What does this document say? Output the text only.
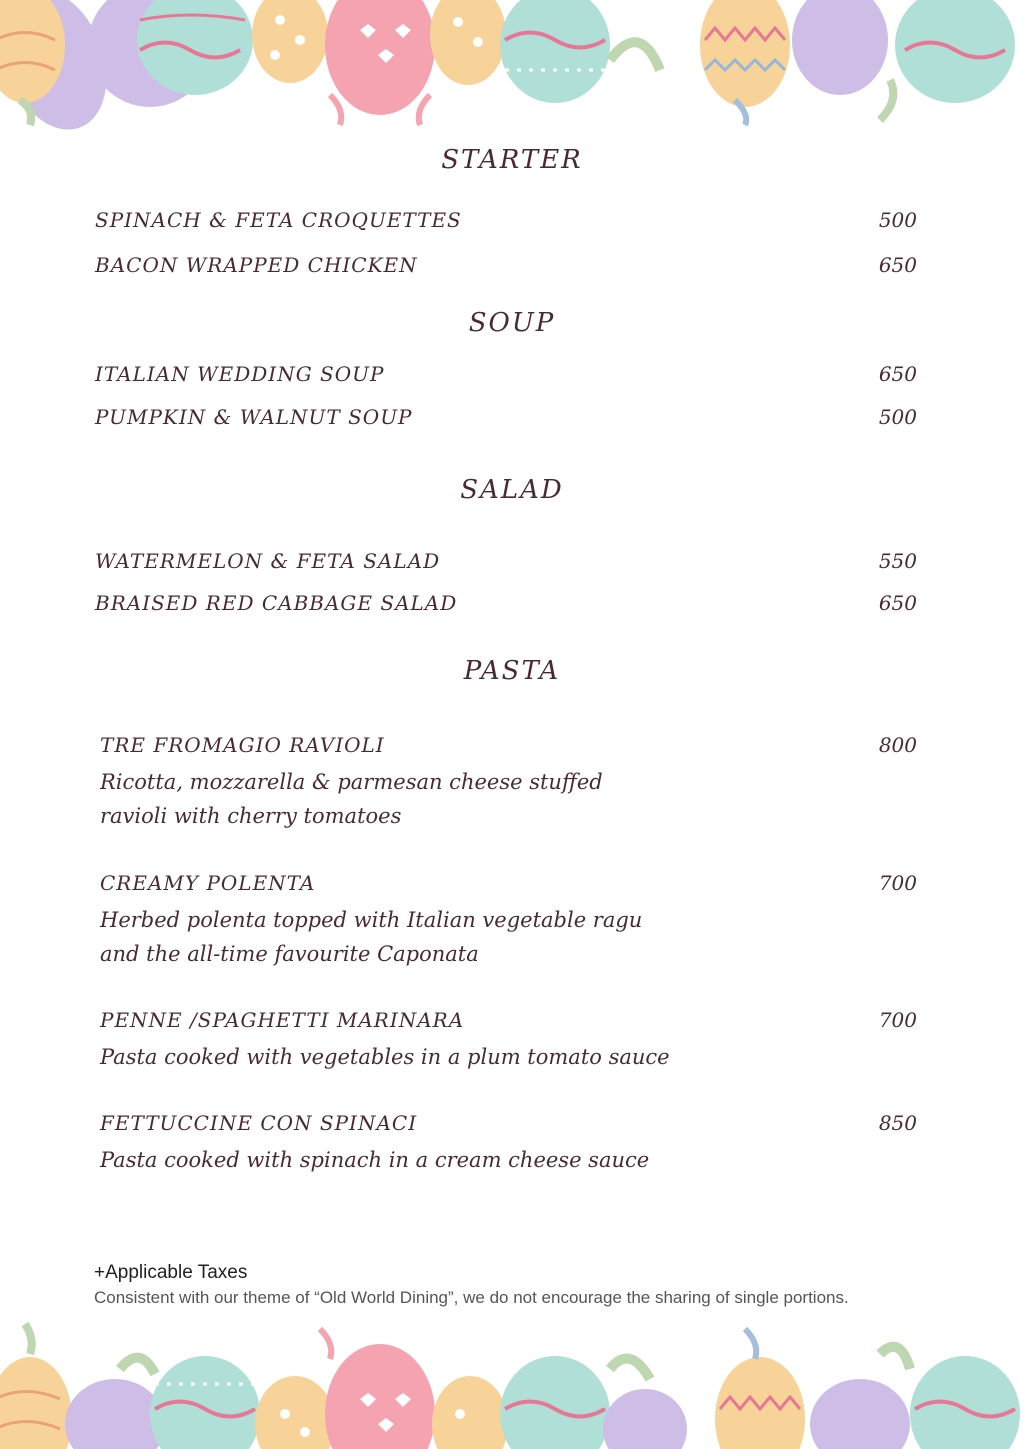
STARTER
SPINACH & FETA CROQUETTES	500
BACON WRAPPED CHICKEN	650
SOUP
ITALIAN WEDDING SOUP	650
PUMPKIN & WALNUT SOUP	500
SALAD
WATERMELON & FETA SALAD	550
BRAISED RED CABBAGE SALAD	650
PASTA
TRE FROMAGIO RAVIOLI	800
Ricotta, mozzarella & parmesan cheese stuffed
ravioli with cherry tomatoes
CREAMY POLENTA	700
Herbed polenta topped with Italian vegetable ragu
and the all-time favourite Caponata
PENNE /SPAGHETTI MARINARA	700
Pasta cooked with vegetables in a plum tomato sauce
FETTUCCINE CON SPINACI	850
Pasta cooked with spinach in a cream cheese sauce
+Applicable Taxes
Consistent with our theme of “Old World Dining”, we do not encourage the sharing of single portions.
